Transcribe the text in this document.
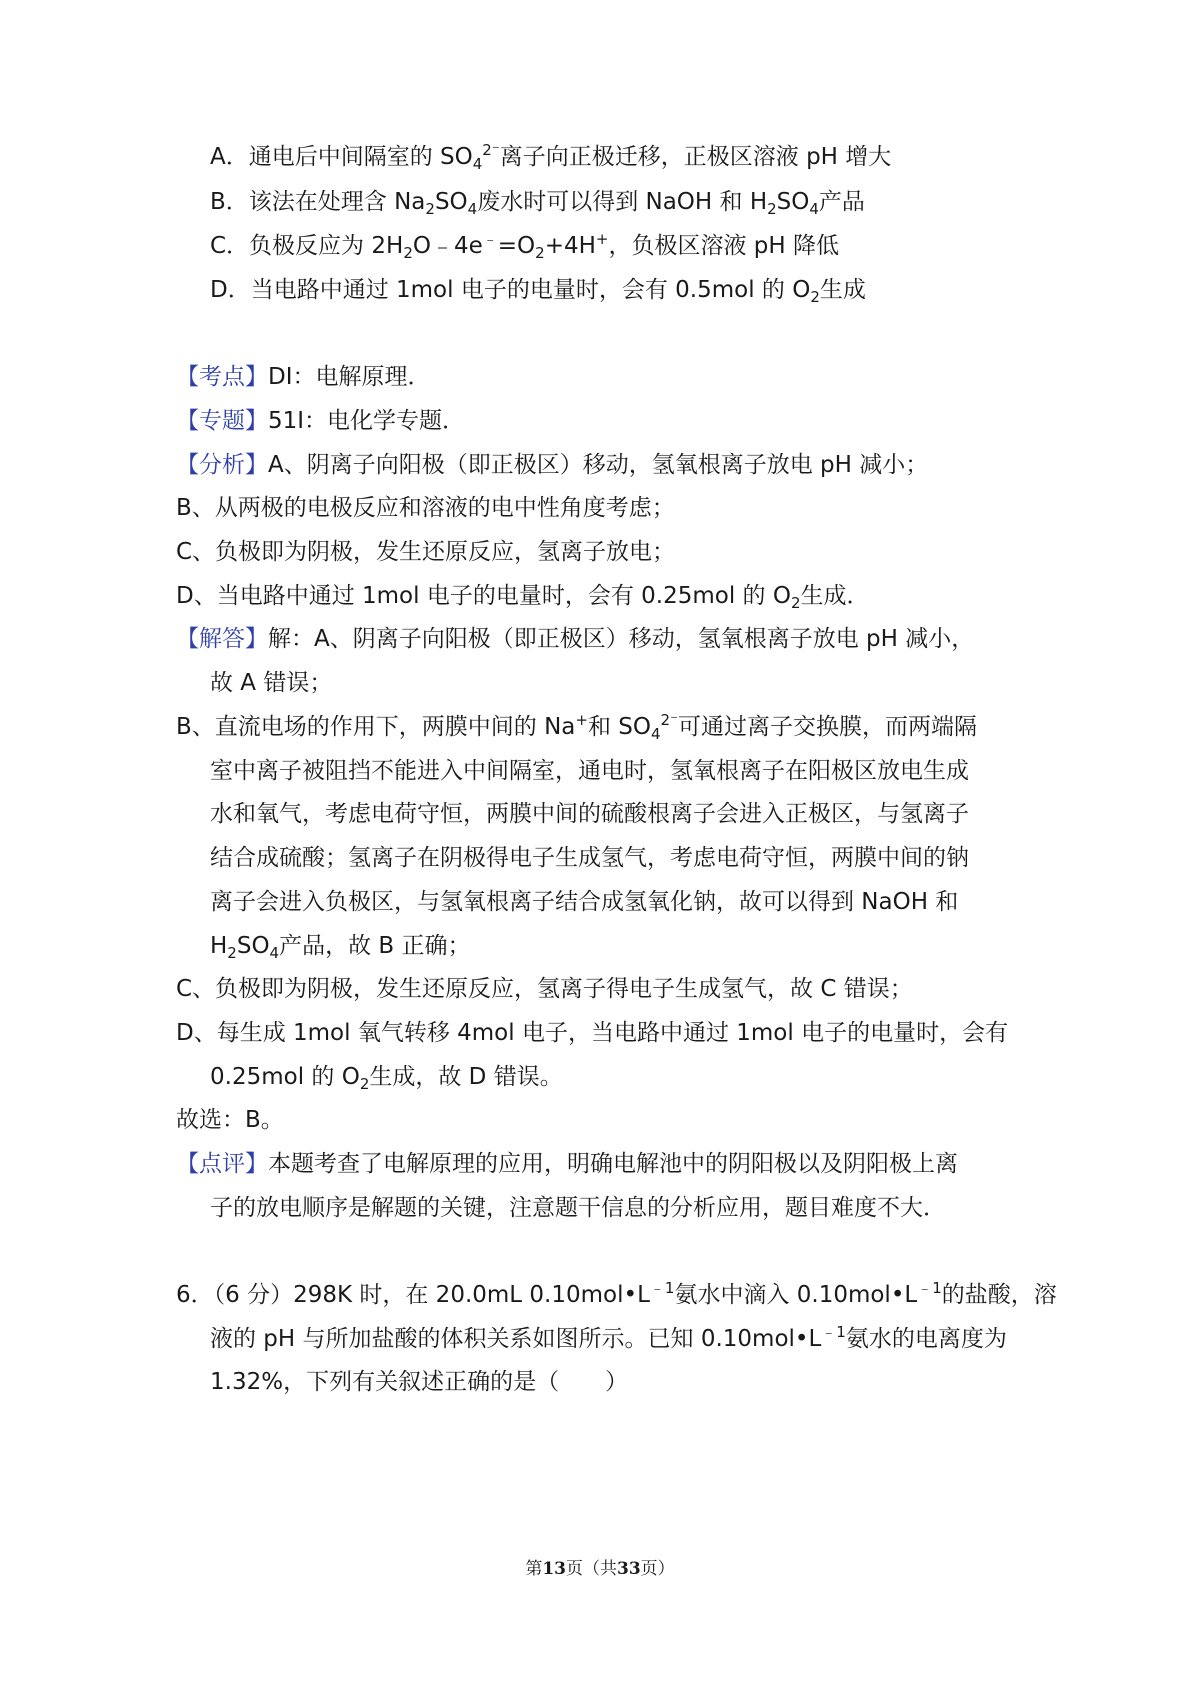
A．通电后中间隔室的 $SO_4^{2^-}$离子向正极迁移，正极区溶液 pH 增大
B．该法在处理含 $Na_2SO_4$废水时可以得到 NaOH 和 $H_2SO_4$产品
C．负极反应为 $2H_2O﹣4e^﹣=O_2+4H^+$，负极区溶液 pH 降低
D．当电路中通过 1mol 电子的电量时，会有 0.5mol 的 $O_2$生成
【考点】DI：电解原理．
【专题】51I：电化学专题．
【分析】A、阴离子向阳极（即正极区）移动，氢氧根离子放电 pH 减小；
B、从两极的电极反应和溶液的电中性角度考虑；
C、负极即为阴极，发生还原反应，氢离子放电；
D、当电路中通过 1mol 电子的电量时，会有 0.25mol 的 $O_2$生成．
【解答】解：A、阴离子向阳极（即正极区）移动，氢氧根离子放电 pH 减小，
故 A 错误；
B、直流电场的作用下，两膜中间的 Na+和 $SO_4^{2^-}$可通过离子交换膜，而两端隔
室中离子被阻挡不能进入中间隔室，通电时，氢氧根离子在阳极区放电生成
水和氧气，考虑电荷守恒，两膜中间的硫酸根离子会进入正极区，与氢离子
结合成硫酸；氢离子在阴极得电子生成氢气，考虑电荷守恒，两膜中间的钠
离子会进入负极区，与氢氧根离子结合成氢氧化钠，故可以得到 NaOH 和
$H_2SO_4$产品，故 B 正确；
C、负极即为阴极，发生还原反应，氢离子得电子生成氢气，故 C 错误；
D、每生成 1mol 氧气转移 4mol 电子，当电路中通过 1mol 电子的电量时，会有
0.25mol 的 $O_2$生成，故 D 错误。
故选：B。
【点评】本题考查了电解原理的应用，明确电解池中的阴阳极以及阴阳极上离
子的放电顺序是解题的关键，注意题干信息的分析应用，题目难度不大．
6．（6 分）298K 时，在 20.0mL $0.10mol•L^{﹣1}$氨水中滴入 $0.10mol•L^{﹣1}$的盐酸，溶
液的 pH 与所加盐酸的体积关系如图所示。已知 $0.10mol•L^{﹣1}$氨水的电离度为
1.32%，下列有关叙述正确的是（　　）
第13页（共33页）
